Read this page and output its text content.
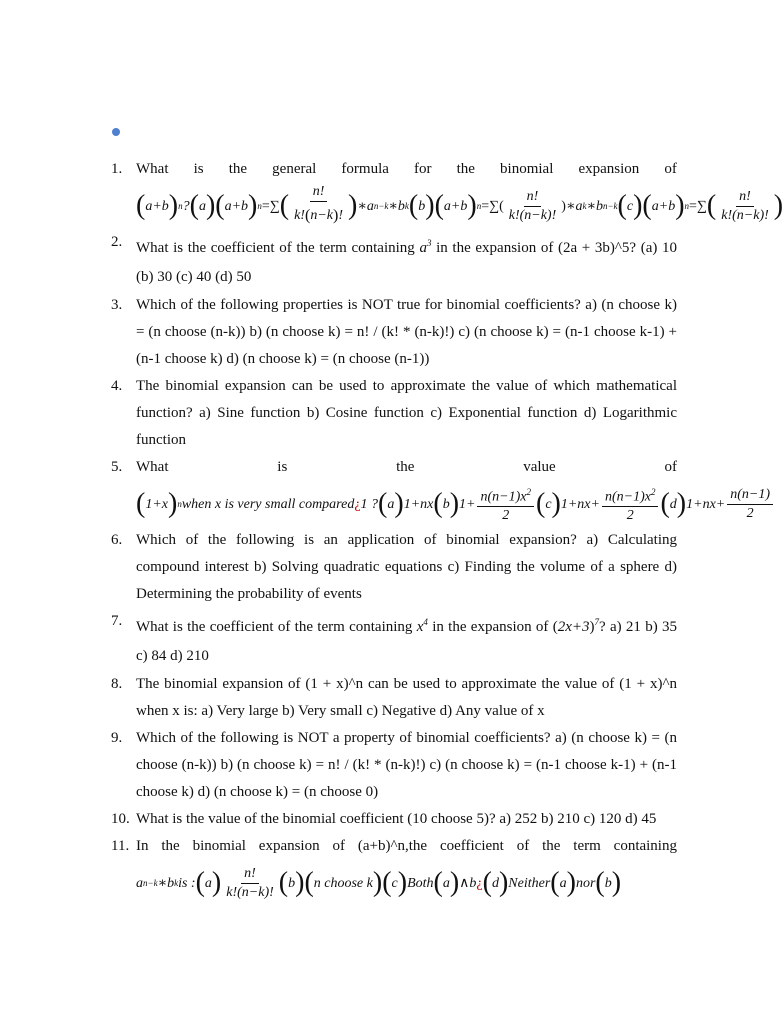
1. What is the general formula for the binomial expansion of
( a+b ) n ? ( a ) ( a+b ) n =∑ ( $\frac{n!}{k!(n-k)!}$ ) ∗a n−k ∗b k ( b ) ( a+b ) n =∑( $\frac{n!}{k!(n-k)!}$ ) ∗a k ∗b n−k ( c ) ( a+b ) n =∑ ( $\frac{n!}{k!(n-k)!}$ )
2. What is the coefficient of the term containing $a^3$ in the expansion of (2a + 3b)^5? (a) 10 (b) 30 (c) 40 (d) 50
3. Which of the following properties is NOT true for binomial coefficients? a) (n choose k) = (n choose (n-k)) b) (n choose k) = n! / (k! * (n-k)!) c) (n choose k) = (n-1 choose k-1) + (n-1 choose k) d) (n choose k) = (n choose (n-1))
4. The binomial expansion can be used to approximate the value of which mathematical function? a) Sine function b) Cosine function c) Exponential function d) Logarithmic function
5. What	is	the	value	of
( 1+x ) n when x is very small compared ¿ 1 ? ( a ) 1+nx ( b ) $1+ \frac{n(n-1)x^2}{2}$ ( c ) $1+nx+ \frac{n(n-1)x^2}{2}$ ( d ) $1+nx+ \frac{n(n-1)}{2}$
6. Which of the following is an application of binomial expansion? a) Calculating compound interest b) Solving quadratic equations c) Finding the volume of a sphere d) Determining the probability of events
7. What is the coefficient of the term containing $x^4$ in the expansion of $(2x+3)^7$? a) 21 b) 35 c) 84 d) 210
8. The binomial expansion of (1 + x)^n can be used to approximate the value of (1 + x)^n when x is: a) Very large b) Very small c) Negative d) Any value of x
9. Which of the following is NOT a property of binomial coefficients? a) (n choose k) = (n choose (n-k)) b) (n choose k) = n! / (k! * (n-k)!) c) (n choose k) = (n-1 choose k-1) + (n-1 choose k) d) (n choose k) = (n choose 0)
10. What is the value of the binomial coefficient (10 choose 5)? a) 252 b) 210 c) 120 d) 45
11. In the binomial expansion of (a+b)^n,the coefficient of the term containing
a n−k ∗b k is : ( a ) $\frac{n!}{k!(n-k)!}$ ( b ) ( n choose k ) ( c ) Both ( a ) ∧b ¿ ( d ) Neither ( a ) nor ( b )
